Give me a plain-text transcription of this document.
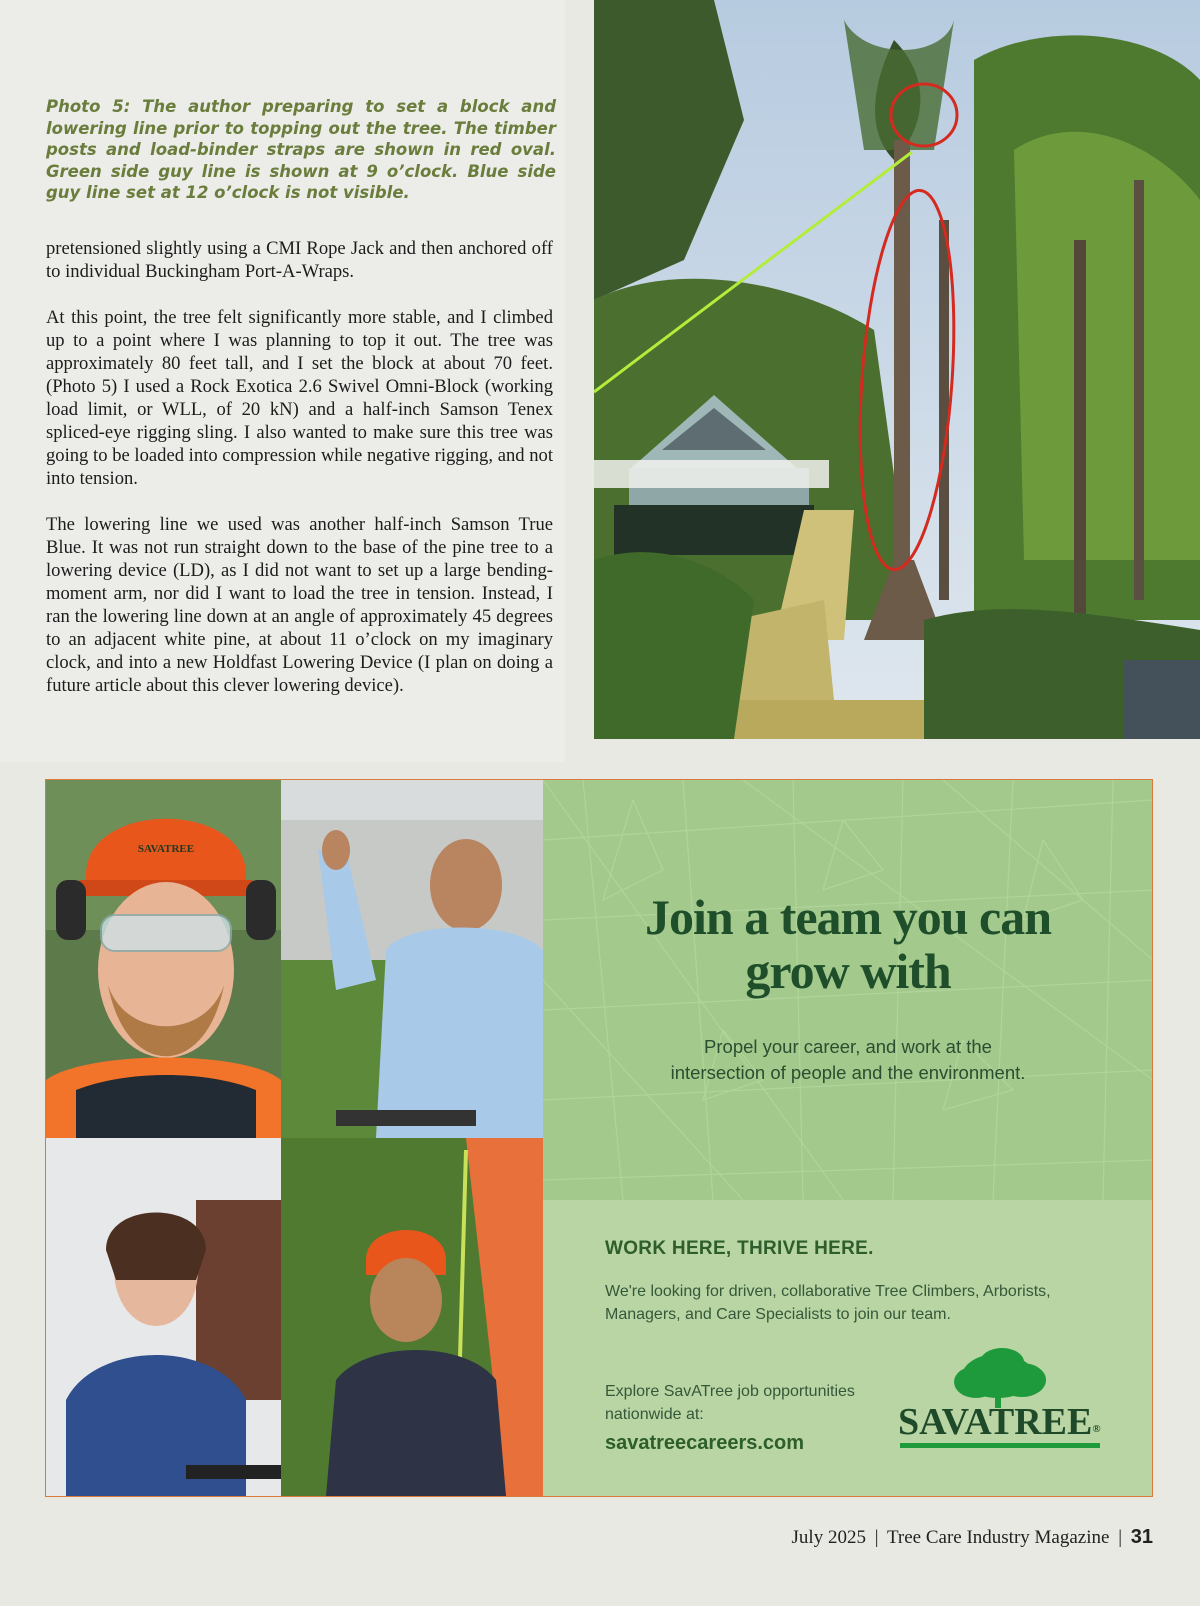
Photo 5: The author preparing to set a block and lowering line prior to topping out the tree. The timber posts and load-binder straps are shown in red oval. Green side guy line is shown at 9 o’clock. Blue side guy line set at 12 o’clock is not visible.

pretensioned slightly using a CMI Rope Jack and then anchored off to individual Buckingham Port-A-Wraps.

At this point, the tree felt significantly more stable, and I climbed up to a point where I was planning to top it out. The tree was approximately 80 feet tall, and I set the block at about 70 feet. (Photo 5) I used a Rock Exotica 2.6 Swivel Omni-Block (working load limit, or WLL, of 20 kN) and a half-inch Samson Tenex spliced-eye rigging sling. I also wanted to make sure this tree was going to be loaded into compression while negative rigging, and not into tension.

The lowering line we used was another half-inch Samson True Blue. It was not run straight down to the base of the pine tree to a lowering device (LD), as I did not want to set up a large bending-moment arm, nor did I want to load the tree in tension. Instead, I ran the lowering line down at an angle of approximately 45 degrees to an adjacent white pine, at about 11 o’clock on my imaginary clock, and into a new Holdfast Lowering Device (I plan on doing a future article about this clever lowering device).

SAVATREE
Join a team you can
grow with

Propel your career, and work at the
intersection of people and the environment.

WORK HERE, THRIVE HERE.

We're looking for driven, collaborative Tree Climbers, Arborists, Managers, and Care Specialists to join our team.

Explore SavATree job opportunities nationwide at:

savatreecareers.com SAVATREE®
July 2025 | Tree Care Industry Magazine | 31
